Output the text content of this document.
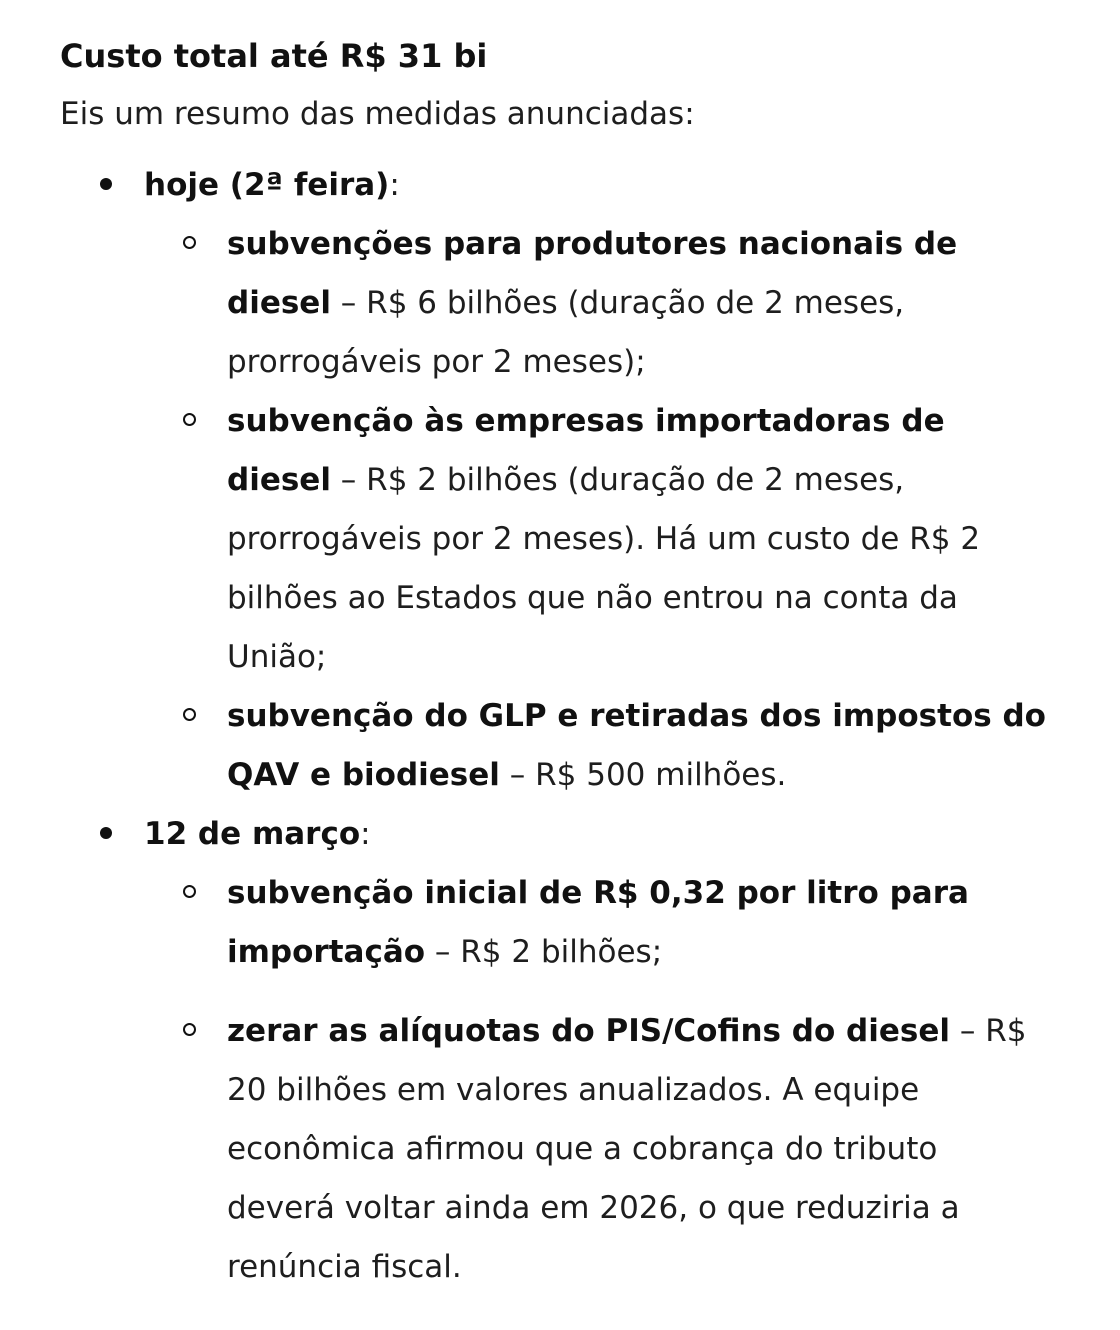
Custo total até R$ 31 bi
Eis um resumo das medidas anunciadas:
hoje (2ª feira):
subvenções para produtores nacionais de diesel – R$ 6 bilhões (duração de 2 meses, prorrogáveis por 2 meses);
subvenção às empresas importadoras de diesel – R$ 2 bilhões (duração de 2 meses, prorrogáveis por 2 meses). Há um custo de R$ 2 bilhões ao Estados que não entrou na conta da União;
subvenção do GLP e retiradas dos impostos do QAV e biodiesel – R$ 500 milhões.
12 de março:
subvenção inicial de R$ 0,32 por litro para importação – R$ 2 bilhões;
zerar as alíquotas do PIS/Cofins do diesel – R$ 20 bilhões em valores anualizados. A equipe econômica afirmou que a cobrança do tributo deverá voltar ainda em 2026, o que reduziria a renúncia fiscal.
